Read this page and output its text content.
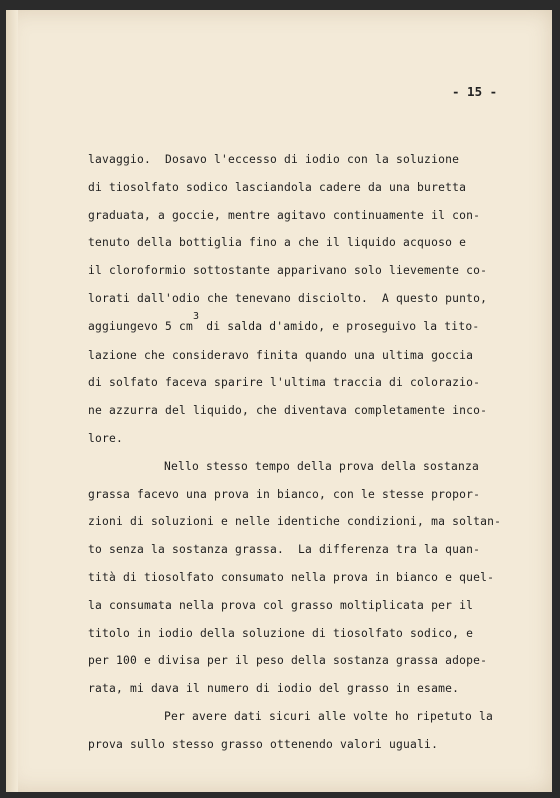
- 15 -
lavaggio.  Dosavo l'eccesso di iodio con la soluzione
di tiosolfato sodico lasciandola cadere da una buretta
graduata, a goccie, mentre agitavo continuamente il con-
tenuto della bottiglia fino a che il liquido acquoso e
il cloroformio sottostante apparivano solo lievemente co-
lorati dall'odio che tenevano disciolto.  A questo punto,
aggiungevo 5 cm3 di salda d'amido, e proseguivo la tito-
lazione che consideravo finita quando una ultima goccia
di solfato faceva sparire l'ultima traccia di colorazio-
ne azzurra del liquido, che diventava completamente inco-
lore.
Nello stesso tempo della prova della sostanza
grassa facevo una prova in bianco, con le stesse propor-
zioni di soluzioni e nelle identiche condizioni, ma soltan-
to senza la sostanza grassa.  La differenza tra la quan-
tità di tiosolfato consumato nella prova in bianco e quel-
la consumata nella prova col grasso moltiplicata per il
titolo in iodio della soluzione di tiosolfato sodico, e
per 100 e divisa per il peso della sostanza grassa adope-
rata, mi dava il numero di iodio del grasso in esame.
Per avere dati sicuri alle volte ho ripetuto la
prova sullo stesso grasso ottenendo valori uguali.
